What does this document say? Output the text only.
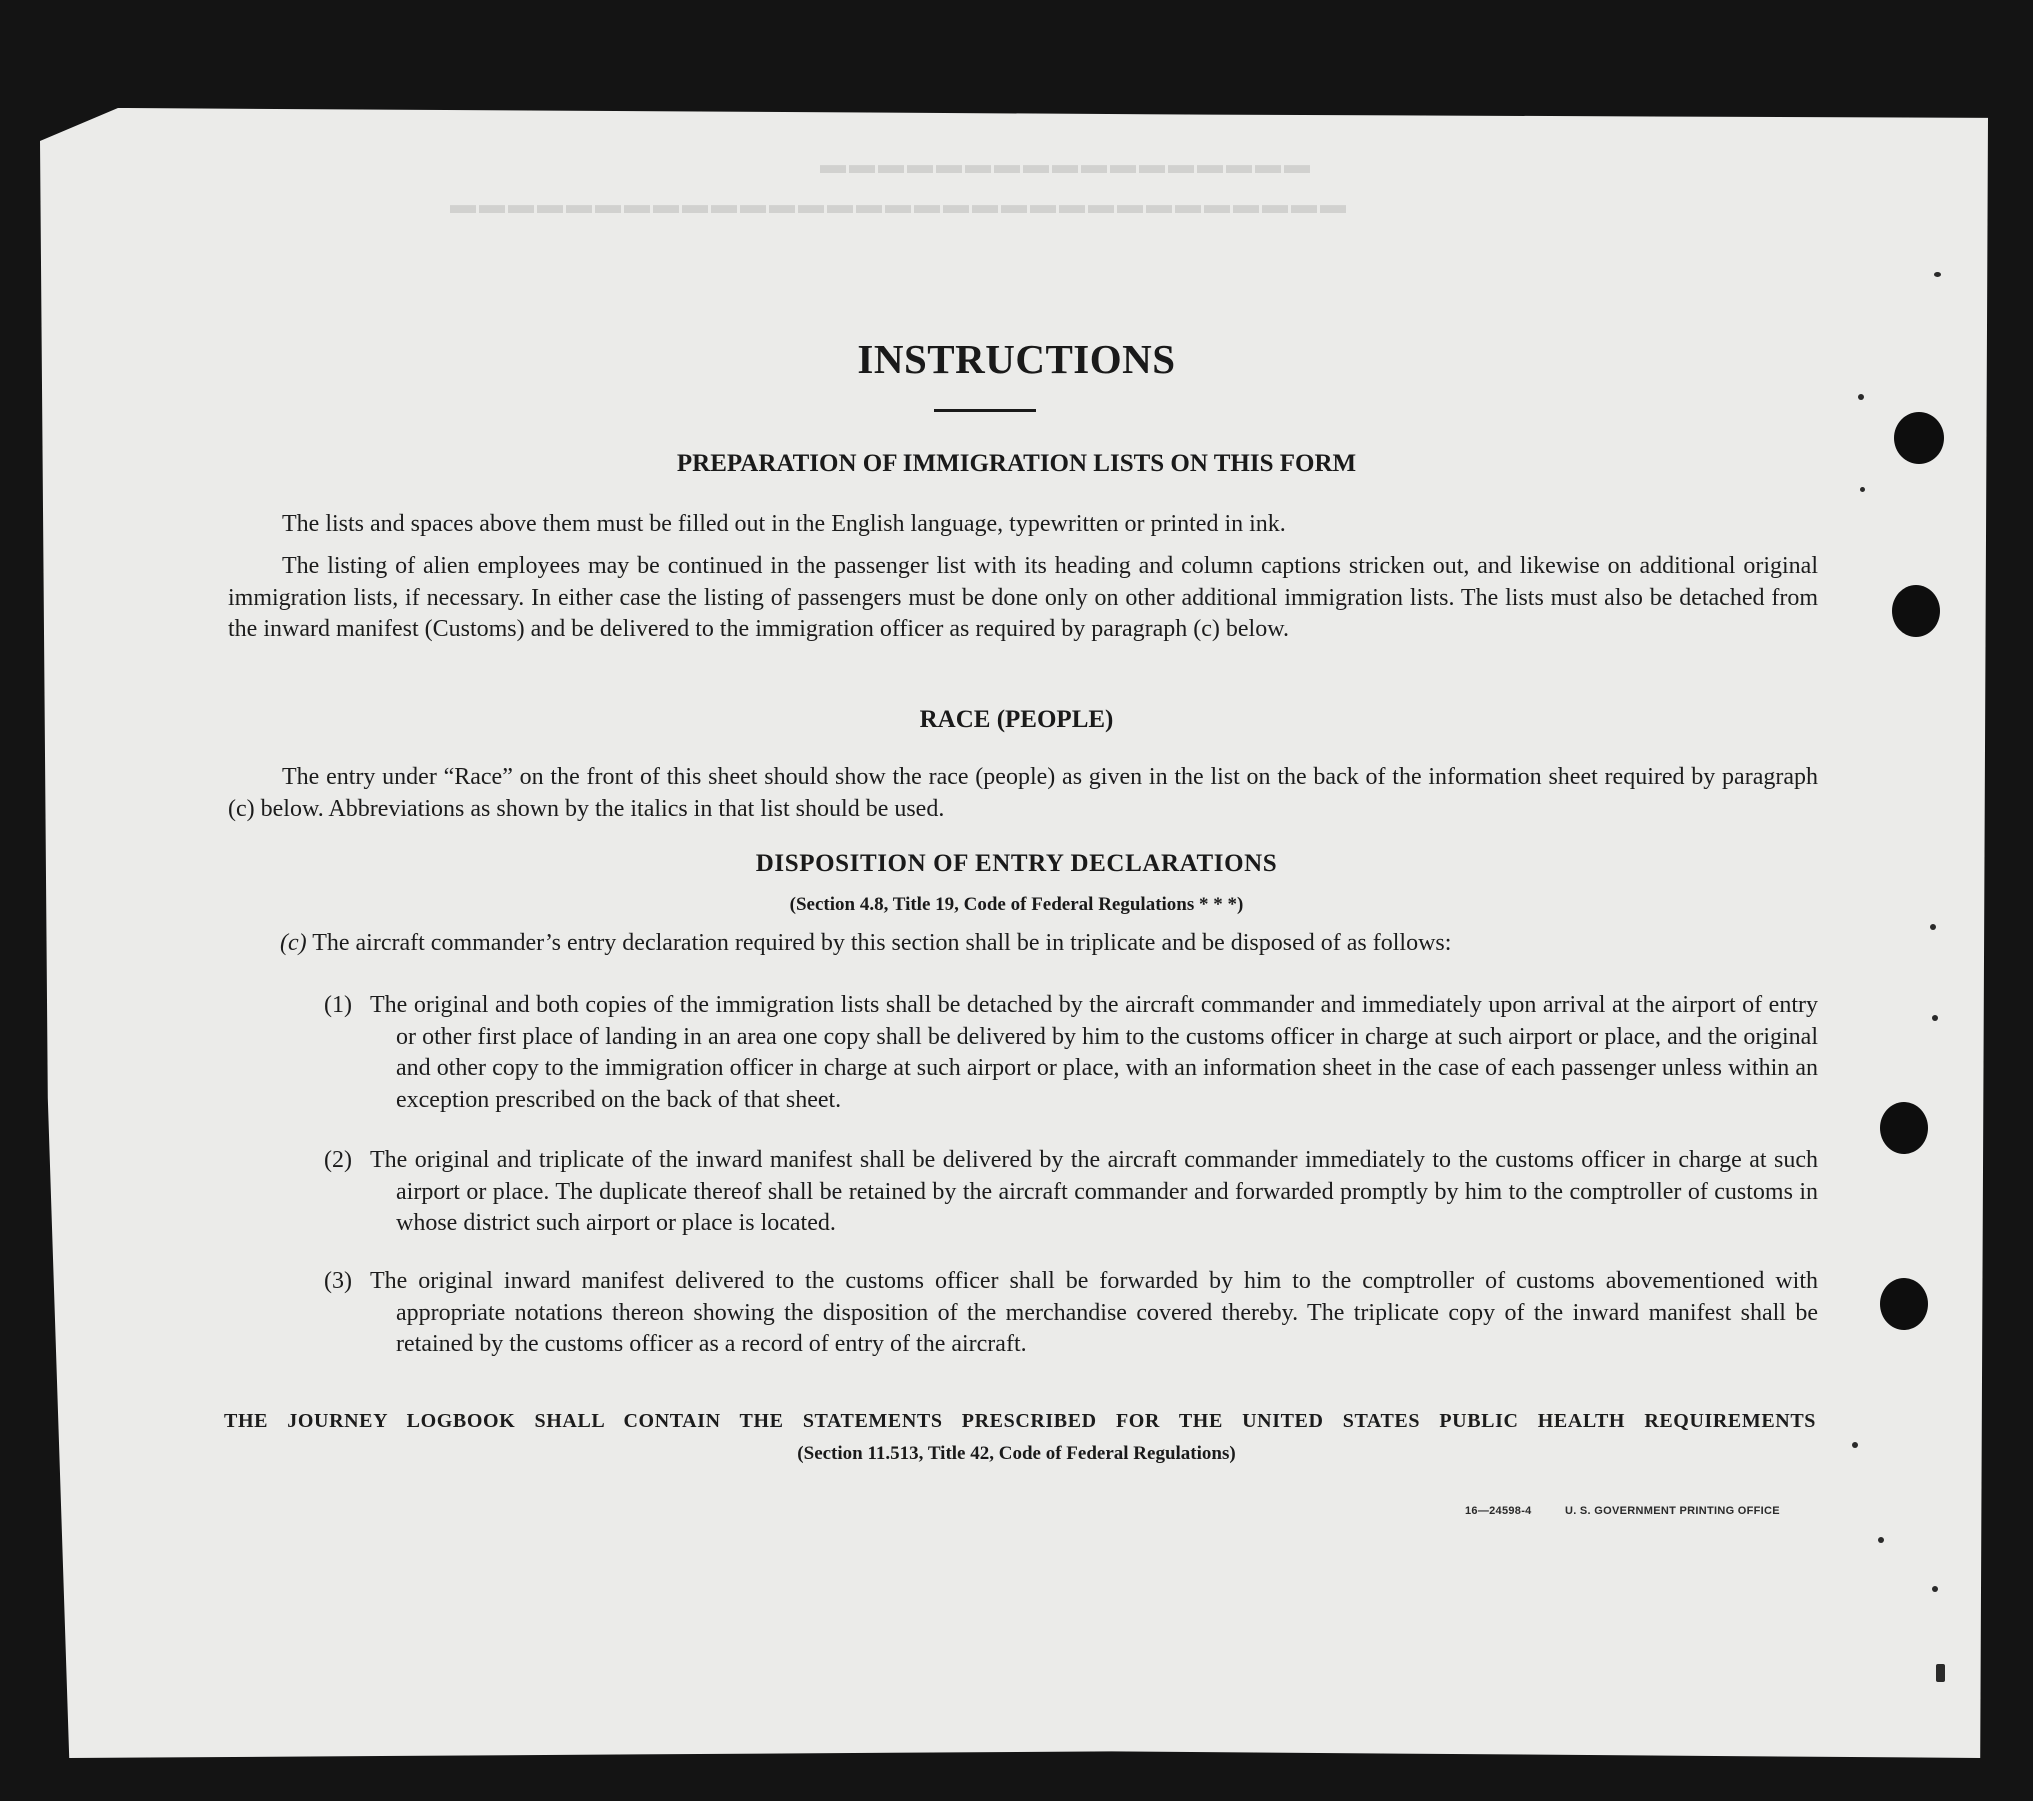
▬▬▬▬▬▬▬▬▬▬▬▬▬▬▬▬▬
▬▬▬▬▬▬▬▬▬▬▬▬▬▬▬▬▬▬▬▬▬▬▬▬▬▬▬▬▬▬▬
INSTRUCTIONS
PREPARATION OF IMMIGRATION LISTS ON THIS FORM
The lists and spaces above them must be filled out in the English language, typewritten or printed in ink.
The listing of alien employees may be continued in the passenger list with its heading and column captions stricken out, and likewise on additional original immigration lists, if necessary. In either case the listing of passengers must be done only on other additional immigration lists. The lists must also be detached from the inward manifest (Customs) and be delivered to the immigration officer as required by paragraph (c) below.
RACE (PEOPLE)
The entry under “Race” on the front of this sheet should show the race (people) as given in the list on the back of the information sheet required by paragraph (c) below. Abbreviations as shown by the italics in that list should be used.
DISPOSITION OF ENTRY DECLARATIONS
(Section 4.8, Title 19, Code of Federal Regulations * * *)
(c) The aircraft commander’s entry declaration required by this section shall be in triplicate and be disposed of as follows:
(1) The original and both copies of the immigration lists shall be detached by the aircraft commander and immediately upon arrival at the airport of entry or other first place of landing in an area one copy shall be delivered by him to the customs officer in charge at such airport or place, and the original and other copy to the immigration officer in charge at such airport or place, with an information sheet in the case of each passenger unless within an exception prescribed on the back of that sheet.
(2) The original and triplicate of the inward manifest shall be delivered by the aircraft commander immediately to the customs officer in charge at such airport or place. The duplicate thereof shall be retained by the aircraft commander and forwarded promptly by him to the comptroller of customs in whose district such airport or place is located.
(3) The original inward manifest delivered to the customs officer shall be forwarded by him to the comptroller of customs abovementioned with appropriate notations thereon showing the disposition of the merchandise covered thereby. The triplicate copy of the inward manifest shall be retained by the customs officer as a record of entry of the aircraft.
THE JOURNEY LOGBOOK SHALL CONTAIN THE STATEMENTS PRESCRIBED FOR THE UNITED STATES PUBLIC HEALTH REQUIREMENTS
(Section 11.513, Title 42, Code of Federal Regulations)
16—24598-4	U. S. GOVERNMENT PRINTING OFFICE
